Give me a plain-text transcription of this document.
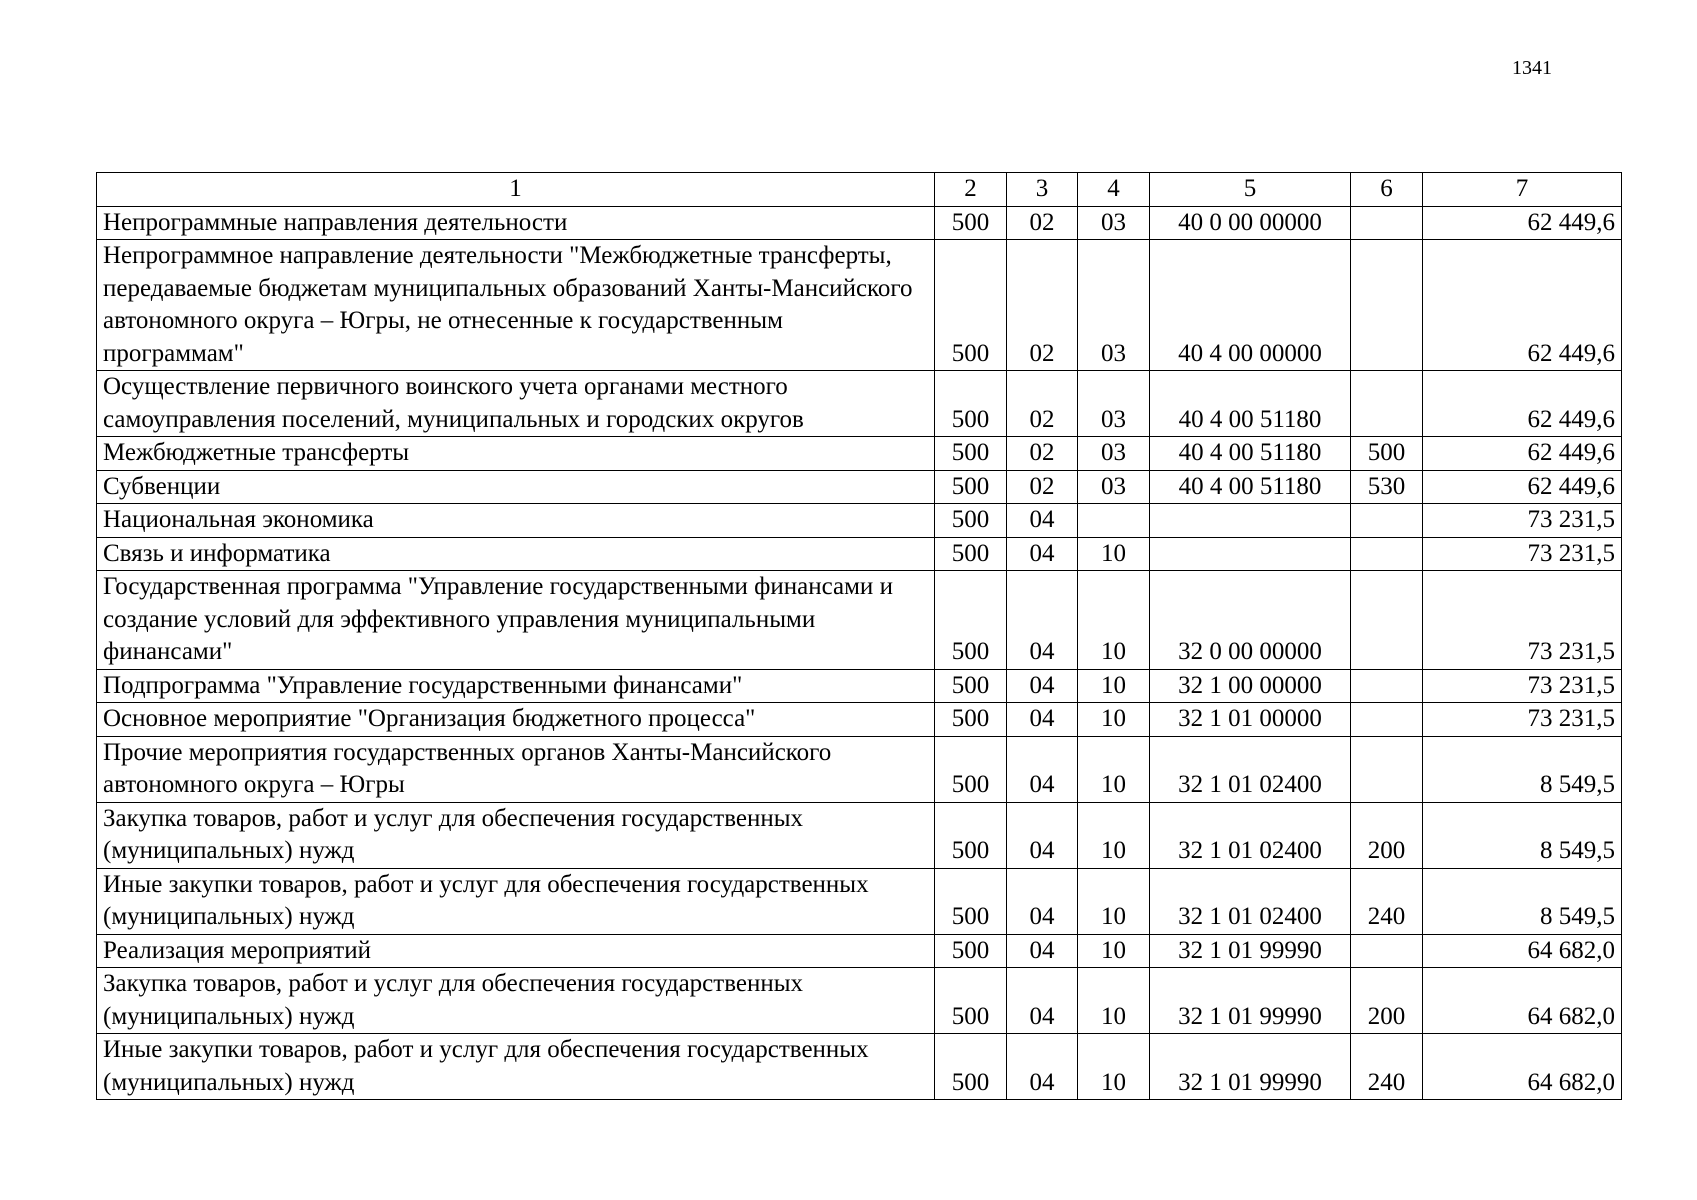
1341
1	2	3	4	5	6	7
Непрограммные направления деятельности	500	02	03	40 0 00 00000		62 449,6
Непрограммное направление деятельности "Межбюджетные трансферты, передаваемые бюджетам муниципальных образований Ханты-Мансийского автономного округа – Югры, не отнесенные к государственным программам"	500	02	03	40 4 00 00000		62 449,6
Осуществление первичного воинского учета органами местного самоуправления поселений, муниципальных и городских округов	500	02	03	40 4 00 51180		62 449,6
Межбюджетные трансферты	500	02	03	40 4 00 51180	500	62 449,6
Субвенции	500	02	03	40 4 00 51180	530	62 449,6
Национальная экономика	500	04				73 231,5
Связь и информатика	500	04	10			73 231,5
Государственная программа "Управление государственными финансами и создание условий для эффективного управления муниципальными финансами"	500	04	10	32 0 00 00000		73 231,5
Подпрограмма "Управление государственными финансами"	500	04	10	32 1 00 00000		73 231,5
Основное мероприятие "Организация бюджетного процесса"	500	04	10	32 1 01 00000		73 231,5
Прочие мероприятия государственных органов Ханты-Мансийского автономного округа – Югры	500	04	10	32 1 01 02400		8 549,5
Закупка товаров, работ и услуг для обеспечения государственных (муниципальных) нужд	500	04	10	32 1 01 02400	200	8 549,5
Иные закупки товаров, работ и услуг для обеспечения государственных (муниципальных) нужд	500	04	10	32 1 01 02400	240	8 549,5
Реализация мероприятий	500	04	10	32 1 01 99990		64 682,0
Закупка товаров, работ и услуг для обеспечения государственных (муниципальных) нужд	500	04	10	32 1 01 99990	200	64 682,0
Иные закупки товаров, работ и услуг для обеспечения государственных (муниципальных) нужд	500	04	10	32 1 01 99990	240	64 682,0
